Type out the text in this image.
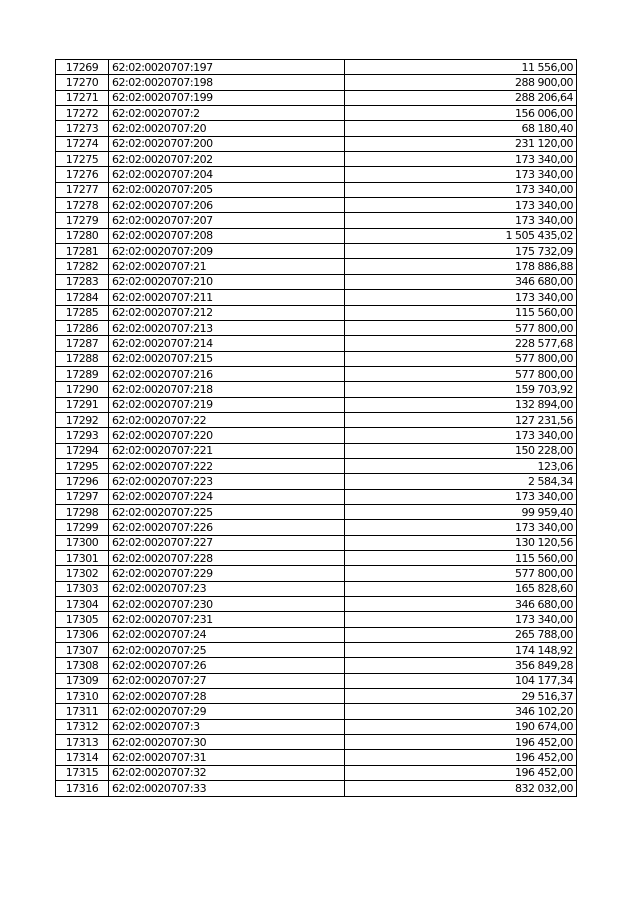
17269	62:02:0020707:197	11 556,00
17270	62:02:0020707:198	288 900,00
17271	62:02:0020707:199	288 206,64
17272	62:02:0020707:2	156 006,00
17273	62:02:0020707:20	68 180,40
17274	62:02:0020707:200	231 120,00
17275	62:02:0020707:202	173 340,00
17276	62:02:0020707:204	173 340,00
17277	62:02:0020707:205	173 340,00
17278	62:02:0020707:206	173 340,00
17279	62:02:0020707:207	173 340,00
17280	62:02:0020707:208	1 505 435,02
17281	62:02:0020707:209	175 732,09
17282	62:02:0020707:21	178 886,88
17283	62:02:0020707:210	346 680,00
17284	62:02:0020707:211	173 340,00
17285	62:02:0020707:212	115 560,00
17286	62:02:0020707:213	577 800,00
17287	62:02:0020707:214	228 577,68
17288	62:02:0020707:215	577 800,00
17289	62:02:0020707:216	577 800,00
17290	62:02:0020707:218	159 703,92
17291	62:02:0020707:219	132 894,00
17292	62:02:0020707:22	127 231,56
17293	62:02:0020707:220	173 340,00
17294	62:02:0020707:221	150 228,00
17295	62:02:0020707:222	123,06
17296	62:02:0020707:223	2 584,34
17297	62:02:0020707:224	173 340,00
17298	62:02:0020707:225	99 959,40
17299	62:02:0020707:226	173 340,00
17300	62:02:0020707:227	130 120,56
17301	62:02:0020707:228	115 560,00
17302	62:02:0020707:229	577 800,00
17303	62:02:0020707:23	165 828,60
17304	62:02:0020707:230	346 680,00
17305	62:02:0020707:231	173 340,00
17306	62:02:0020707:24	265 788,00
17307	62:02:0020707:25	174 148,92
17308	62:02:0020707:26	356 849,28
17309	62:02:0020707:27	104 177,34
17310	62:02:0020707:28	29 516,37
17311	62:02:0020707:29	346 102,20
17312	62:02:0020707:3	190 674,00
17313	62:02:0020707:30	196 452,00
17314	62:02:0020707:31	196 452,00
17315	62:02:0020707:32	196 452,00
17316	62:02:0020707:33	832 032,00
